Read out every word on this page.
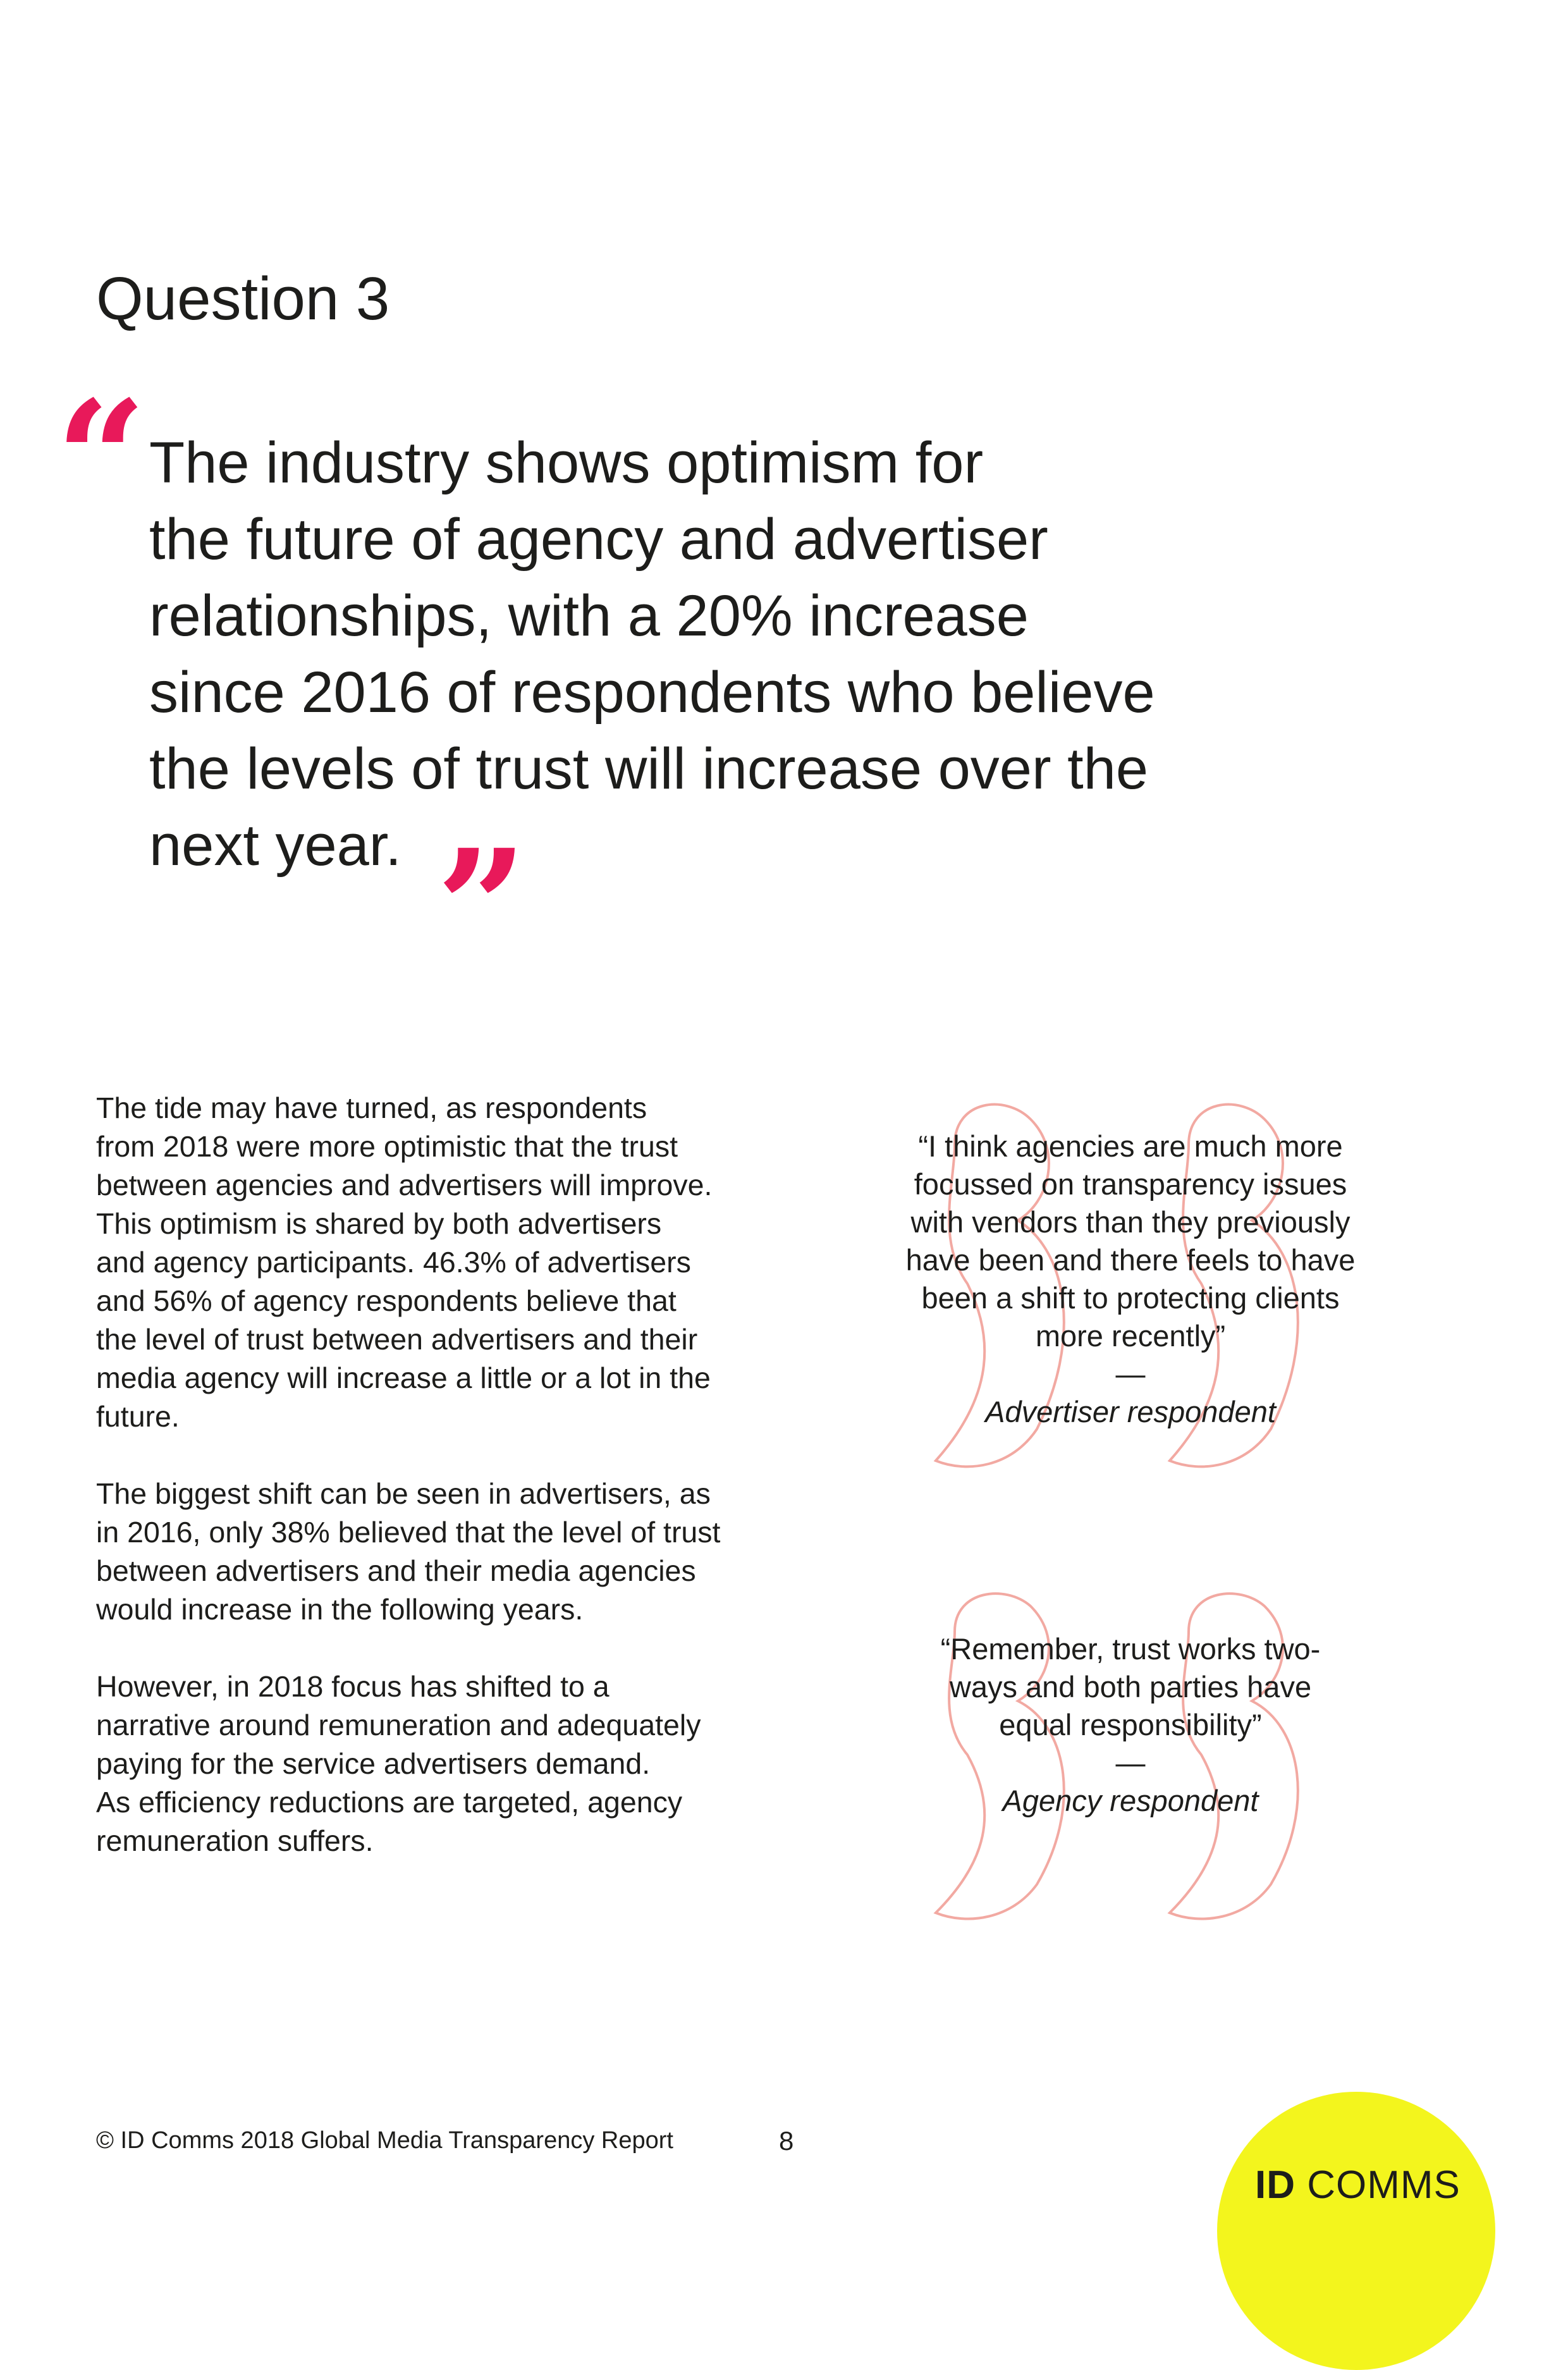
Question 3
“ The industry shows optimism for
the future of agency and advertiser
relationships, with a 20% increase
since 2016 of respondents who believe
the levels of trust will increase over the
next year. ”
The tide may have turned, as respondents
from 2018 were more optimistic that the trust
between agencies and advertisers will improve.
This optimism is shared by both advertisers
and agency participants. 46.3% of advertisers
and 56% of agency respondents believe that
the level of trust between advertisers and their
media agency will increase a little or a lot in the
future.
The biggest shift can be seen in advertisers, as
in 2016, only 38% believed that the level of trust
between advertisers and their media agencies
would increase in the following years.
However, in 2018 focus has shifted to a
narrative around remuneration and adequately
paying for the service advertisers demand.
As efficiency reductions are targeted, agency
remuneration suffers.
“I think agencies are much more
focussed on transparency issues
with vendors than they previously
have been and there feels to have
been a shift to protecting clients
more recently”
—
Advertiser respondent
“Remember, trust works two-
ways and both parties have
equal responsibility”
—
Agency respondent
© ID Comms 2018 Global Media Transparency Report	8
ID COMMS
